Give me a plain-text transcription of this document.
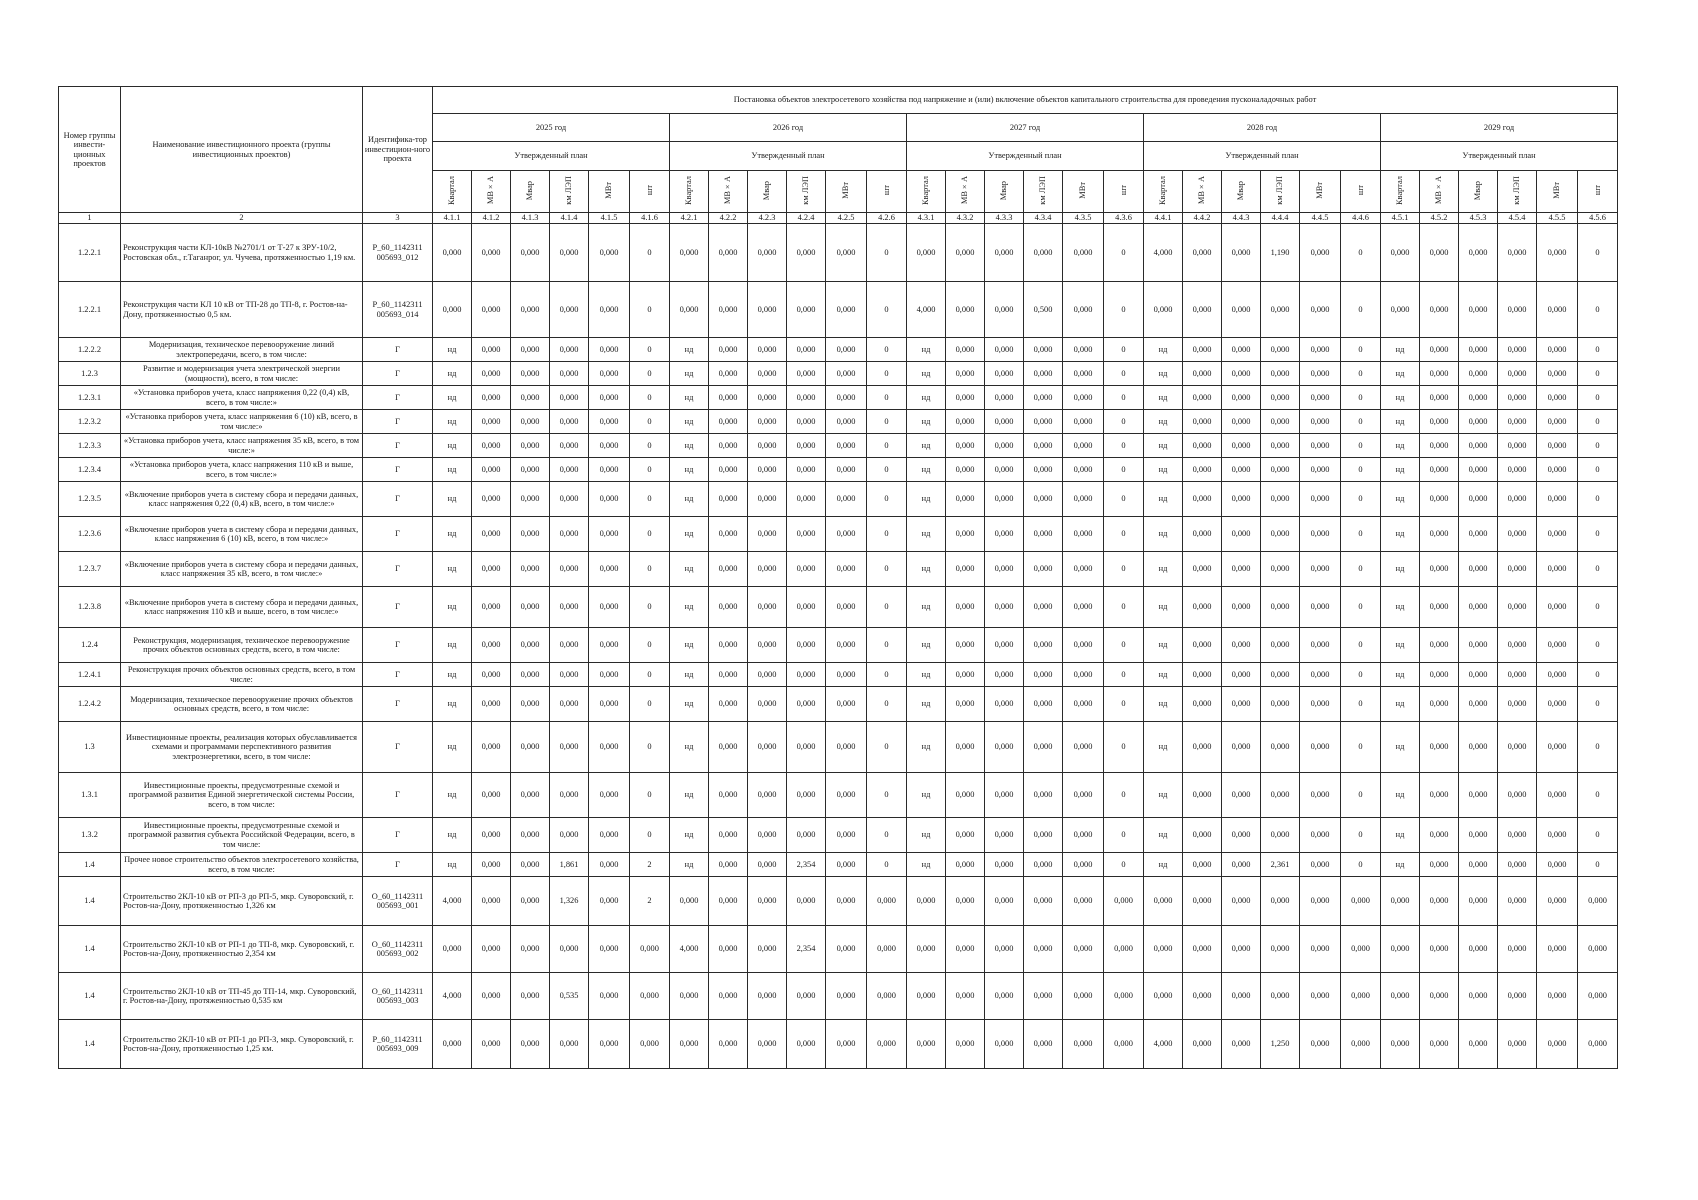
Номер группы инвести-ционных проектов	Наименование инвестиционного проекта (группы инвестиционных проектов)	Идентифика-тор инвестицион-ного проекта	Постановка объектов электросетевого хозяйства под напряжение и (или) включение объектов капитального строительства для проведения пусконаладочных работ																													
			2025 год						2026 год						2027 год						2028 год						2029 год					
			Утвержденный план						Утвержденный план						Утвержденный план						Утвержденный план						Утвержденный план					
			Квартал	МВ×А	Мвар	км ЛЭП	МВт	шт	Квартал	МВ×А	Мвар	км ЛЭП	МВт	шт	Квартал	МВ×А	Мвар	км ЛЭП	МВт	шт	Квартал	МВ×А	Мвар	км ЛЭП	МВт	шт	Квартал	МВ×А	Мвар	км ЛЭП	МВт	шт
1	2	3	4.1.1	4.1.2	4.1.3	4.1.4	4.1.5	4.1.6	4.2.1	4.2.2	4.2.3	4.2.4	4.2.5	4.2.6	4.3.1	4.3.2	4.3.3	4.3.4	4.3.5	4.3.6	4.4.1	4.4.2	4.4.3	4.4.4	4.4.5	4.4.6	4.5.1	4.5.2	4.5.3	4.5.4	4.5.5	4.5.6
1.2.2.1	Реконструкция части КЛ-10кВ №2701/1 от Т-27 к ЗРУ-10/2, Ростовская обл., г.Таганрог, ул. Чучева, протяженностью 1,19 км.	P_60_1142311 005693_012	0,000	0,000	0,000	0,000	0,000	0	0,000	0,000	0,000	0,000	0,000	0	0,000	0,000	0,000	0,000	0,000	0	4,000	0,000	0,000	1,190	0,000	0	0,000	0,000	0,000	0,000	0,000	0
1.2.2.1	Реконструкция части КЛ 10 кВ от ТП-28 до ТП-8, г. Ростов-на-Дону, протяженностью 0,5 км.	P_60_1142311 005693_014	0,000	0,000	0,000	0,000	0,000	0	0,000	0,000	0,000	0,000	0,000	0	4,000	0,000	0,000	0,500	0,000	0	0,000	0,000	0,000	0,000	0,000	0	0,000	0,000	0,000	0,000	0,000	0
1.2.2.2	Модернизация, техническое перевооружение линий электропередачи, всего, в том числе:	Г	нд	0,000	0,000	0,000	0,000	0	нд	0,000	0,000	0,000	0,000	0	нд	0,000	0,000	0,000	0,000	0	нд	0,000	0,000	0,000	0,000	0	нд	0,000	0,000	0,000	0,000	0
1.2.3	Развитие и модернизация учета электрической энергии (мощности), всего, в том числе:	Г	нд	0,000	0,000	0,000	0,000	0	нд	0,000	0,000	0,000	0,000	0	нд	0,000	0,000	0,000	0,000	0	нд	0,000	0,000	0,000	0,000	0	нд	0,000	0,000	0,000	0,000	0
1.2.3.1	«Установка приборов учета, класс напряжения 0,22 (0,4) кВ, всего, в том числе:»	Г	нд	0,000	0,000	0,000	0,000	0	нд	0,000	0,000	0,000	0,000	0	нд	0,000	0,000	0,000	0,000	0	нд	0,000	0,000	0,000	0,000	0	нд	0,000	0,000	0,000	0,000	0
1.2.3.2	«Установка приборов учета, класс напряжения 6 (10) кВ, всего, в том числе:»	Г	нд	0,000	0,000	0,000	0,000	0	нд	0,000	0,000	0,000	0,000	0	нд	0,000	0,000	0,000	0,000	0	нд	0,000	0,000	0,000	0,000	0	нд	0,000	0,000	0,000	0,000	0
1.2.3.3	«Установка приборов учета, класс напряжения 35 кВ, всего, в том числе:»	Г	нд	0,000	0,000	0,000	0,000	0	нд	0,000	0,000	0,000	0,000	0	нд	0,000	0,000	0,000	0,000	0	нд	0,000	0,000	0,000	0,000	0	нд	0,000	0,000	0,000	0,000	0
1.2.3.4	«Установка приборов учета, класс напряжения 110 кВ и выше, всего, в том числе:»	Г	нд	0,000	0,000	0,000	0,000	0	нд	0,000	0,000	0,000	0,000	0	нд	0,000	0,000	0,000	0,000	0	нд	0,000	0,000	0,000	0,000	0	нд	0,000	0,000	0,000	0,000	0
1.2.3.5	«Включение приборов учета в систему сбора и передачи данных, класс напряжения 0,22 (0,4) кВ, всего, в том числе:»	Г	нд	0,000	0,000	0,000	0,000	0	нд	0,000	0,000	0,000	0,000	0	нд	0,000	0,000	0,000	0,000	0	нд	0,000	0,000	0,000	0,000	0	нд	0,000	0,000	0,000	0,000	0
1.2.3.6	«Включение приборов учета в систему сбора и передачи данных, класс напряжения 6 (10) кВ, всего, в том числе:»	Г	нд	0,000	0,000	0,000	0,000	0	нд	0,000	0,000	0,000	0,000	0	нд	0,000	0,000	0,000	0,000	0	нд	0,000	0,000	0,000	0,000	0	нд	0,000	0,000	0,000	0,000	0
1.2.3.7	«Включение приборов учета в систему сбора и передачи данных, класс напряжения 35 кВ, всего, в том числе:»	Г	нд	0,000	0,000	0,000	0,000	0	нд	0,000	0,000	0,000	0,000	0	нд	0,000	0,000	0,000	0,000	0	нд	0,000	0,000	0,000	0,000	0	нд	0,000	0,000	0,000	0,000	0
1.2.3.8	«Включение приборов учета в систему сбора и передачи данных, класс напряжения 110 кВ и выше, всего, в том числе:»	Г	нд	0,000	0,000	0,000	0,000	0	нд	0,000	0,000	0,000	0,000	0	нд	0,000	0,000	0,000	0,000	0	нд	0,000	0,000	0,000	0,000	0	нд	0,000	0,000	0,000	0,000	0
1.2.4	Реконструкция, модернизация, техническое перевооружение прочих объектов основных средств, всего, в том числе:	Г	нд	0,000	0,000	0,000	0,000	0	нд	0,000	0,000	0,000	0,000	0	нд	0,000	0,000	0,000	0,000	0	нд	0,000	0,000	0,000	0,000	0	нд	0,000	0,000	0,000	0,000	0
1.2.4.1	Реконструкция прочих объектов основных средств, всего, в том числе:	Г	нд	0,000	0,000	0,000	0,000	0	нд	0,000	0,000	0,000	0,000	0	нд	0,000	0,000	0,000	0,000	0	нд	0,000	0,000	0,000	0,000	0	нд	0,000	0,000	0,000	0,000	0
1.2.4.2	Модернизация, техническое перевооружение прочих объектов основных средств, всего, в том числе:	Г	нд	0,000	0,000	0,000	0,000	0	нд	0,000	0,000	0,000	0,000	0	нд	0,000	0,000	0,000	0,000	0	нд	0,000	0,000	0,000	0,000	0	нд	0,000	0,000	0,000	0,000	0
1.3	Инвестиционные проекты, реализация которых обуславливается схемами и программами перспективного развития электроэнергетики, всего, в том числе:	Г	нд	0,000	0,000	0,000	0,000	0	нд	0,000	0,000	0,000	0,000	0	нд	0,000	0,000	0,000	0,000	0	нд	0,000	0,000	0,000	0,000	0	нд	0,000	0,000	0,000	0,000	0
1.3.1	Инвестиционные проекты, предусмотренные схемой и программой развития Единой энергетической системы России, всего, в том числе:	Г	нд	0,000	0,000	0,000	0,000	0	нд	0,000	0,000	0,000	0,000	0	нд	0,000	0,000	0,000	0,000	0	нд	0,000	0,000	0,000	0,000	0	нд	0,000	0,000	0,000	0,000	0
1.3.2	Инвестиционные проекты, предусмотренные схемой и программой развития субъекта Российской Федерации, всего, в том числе:	Г	нд	0,000	0,000	0,000	0,000	0	нд	0,000	0,000	0,000	0,000	0	нд	0,000	0,000	0,000	0,000	0	нд	0,000	0,000	0,000	0,000	0	нд	0,000	0,000	0,000	0,000	0
1.4	Прочее новое строительство объектов электросетевого хозяйства, всего, в том числе:	Г	нд	0,000	0,000	1,861	0,000	2	нд	0,000	0,000	2,354	0,000	0	нд	0,000	0,000	0,000	0,000	0	нд	0,000	0,000	2,361	0,000	0	нд	0,000	0,000	0,000	0,000	0
1.4	Строительство 2КЛ-10 кВ от РП-3 до РП-5, мкр. Суворовский, г. Ростов-на-Дону, протяженностью 1,326 км	O_60_1142311 005693_001	4,000	0,000	0,000	1,326	0,000	2	0,000	0,000	0,000	0,000	0,000	0,000	0,000	0,000	0,000	0,000	0,000	0,000	0,000	0,000	0,000	0,000	0,000	0,000	0,000	0,000	0,000	0,000	0,000	0,000
1.4	Строительство 2КЛ-10 кВ от РП-1 до ТП-8, мкр. Суворовский, г. Ростов-на-Дону, протяженностью 2,354 км	O_60_1142311 005693_002	0,000	0,000	0,000	0,000	0,000	0,000	4,000	0,000	0,000	2,354	0,000	0,000	0,000	0,000	0,000	0,000	0,000	0,000	0,000	0,000	0,000	0,000	0,000	0,000	0,000	0,000	0,000	0,000	0,000	0,000
1.4	Строительство 2КЛ-10 кВ от ТП-45 до ТП-14, мкр. Суворовский, г. Ростов-на-Дону, протяженностью 0,535 км	O_60_1142311 005693_003	4,000	0,000	0,000	0,535	0,000	0,000	0,000	0,000	0,000	0,000	0,000	0,000	0,000	0,000	0,000	0,000	0,000	0,000	0,000	0,000	0,000	0,000	0,000	0,000	0,000	0,000	0,000	0,000	0,000	0,000
1.4	Строительство 2КЛ-10 кВ от РП-1 до РП-3, мкр. Суворовский, г. Ростов-на-Дону, протяженностью 1,25 км.	P_60_1142311 005693_009	0,000	0,000	0,000	0,000	0,000	0,000	0,000	0,000	0,000	0,000	0,000	0,000	0,000	0,000	0,000	0,000	0,000	0,000	4,000	0,000	0,000	1,250	0,000	0,000	0,000	0,000	0,000	0,000	0,000	0,000
